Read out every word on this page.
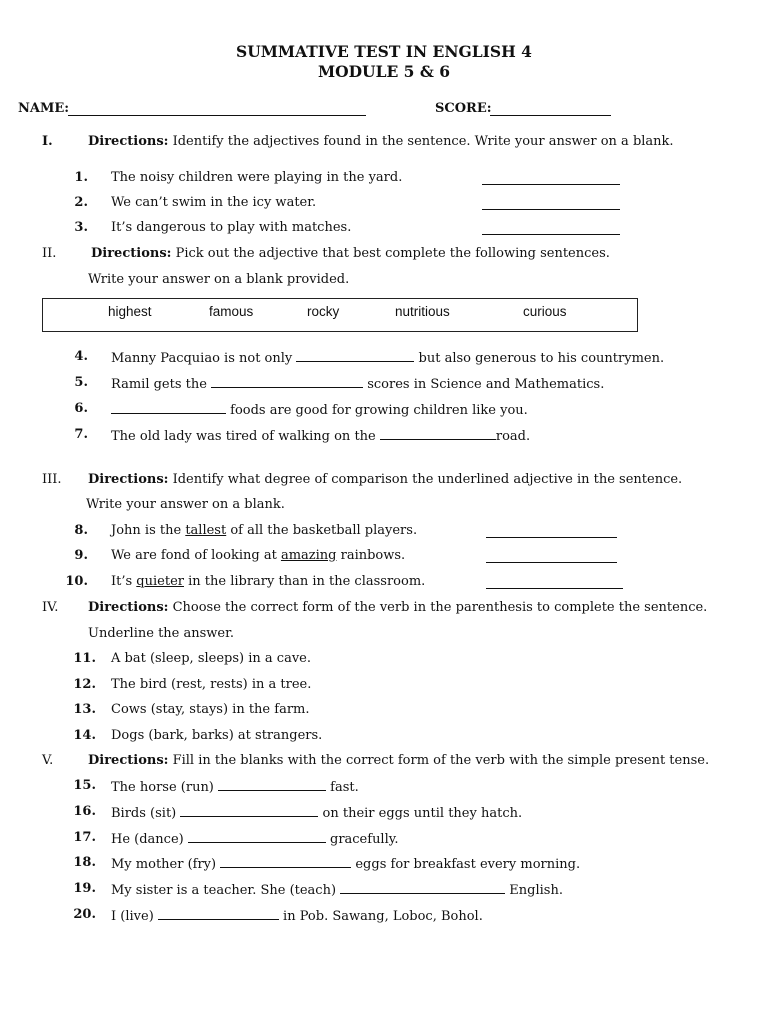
SUMMATIVE TEST IN ENGLISH 4
MODULE 5 & 6
NAME:	SCORE:
I.	Directions: Identify the adjectives found in the sentence. Write your answer on a blank.
1. The noisy children were playing in the yard.
2. We can’t swim in the icy water.
3. It’s dangerous to play with matches.
II.	Directions: Pick out the adjective that best complete the following sentences.
Write your answer on a blank provided.
highest	famous	rocky	nutritious	curious
4. Manny Pacquiao is not only	but also generous to his countrymen.
5. Ramil gets the	scores in Science and Mathematics.
6.	foods are good for growing children like you.
7. The old lady was tired of walking on the	road.
III. Directions: Identify what degree of comparison the underlined adjective in the sentence.
Write your answer on a blank.
8. John is the tallest of all the basketball players.
9. We are fond of looking at amazing rainbows.
10. It’s quieter in the library than in the classroom.
IV. Directions: Choose the correct form of the verb in the parenthesis to complete the sentence.
Underline the answer.
11. A bat (sleep, sleeps) in a cave.
12. The bird (rest, rests) in a tree.
13. Cows (stay, stays) in the farm.
14. Dogs (bark, barks) at strangers.
V.	Directions: Fill in the blanks with the correct form of the verb with the simple present tense.
15. The horse (run)	fast.
16. Birds (sit)	on their eggs until they hatch.
17. He (dance)	gracefully.
18. My mother (fry)	eggs for breakfast every morning.
19. My sister is a teacher. She (teach)	English.
20. I (live)	in Pob. Sawang, Loboc, Bohol.
